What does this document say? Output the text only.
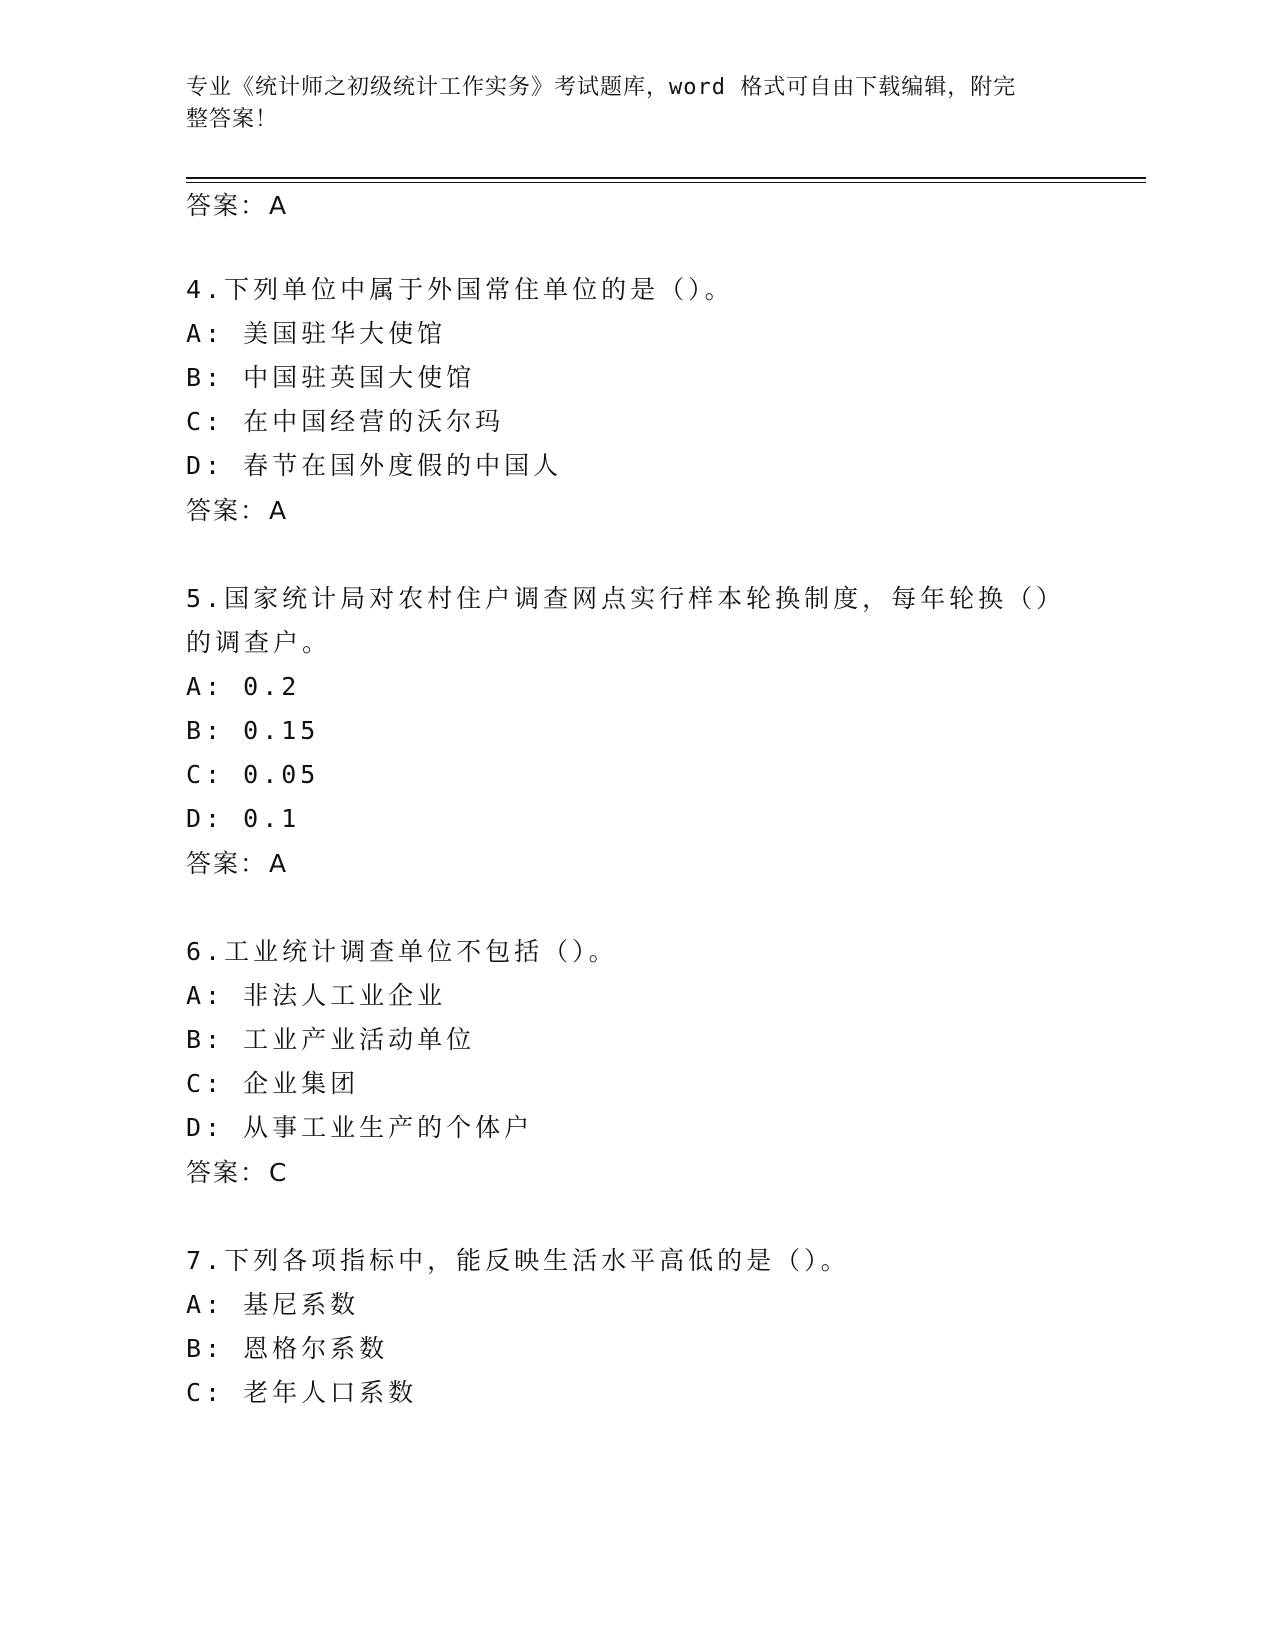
专业《统计师之初级统计工作实务》考试题库，word 格式可自由下载编辑，附完
整答案！
答案：A
4.下列单位中属于外国常住单位的是（）。
A: 美国驻华大使馆
B: 中国驻英国大使馆
C: 在中国经营的沃尔玛
D: 春节在国外度假的中国人
答案：A
5.国家统计局对农村住户调查网点实行样本轮换制度，每年轮换（）
的调查户。
A: 0.2
B: 0.15
C: 0.05
D: 0.1
答案：A
6.工业统计调查单位不包括（）。
A: 非法人工业企业
B: 工业产业活动单位
C: 企业集团
D: 从事工业生产的个体户
答案：C
7.下列各项指标中，能反映生活水平高低的是（）。
A: 基尼系数
B: 恩格尔系数
C: 老年人口系数
